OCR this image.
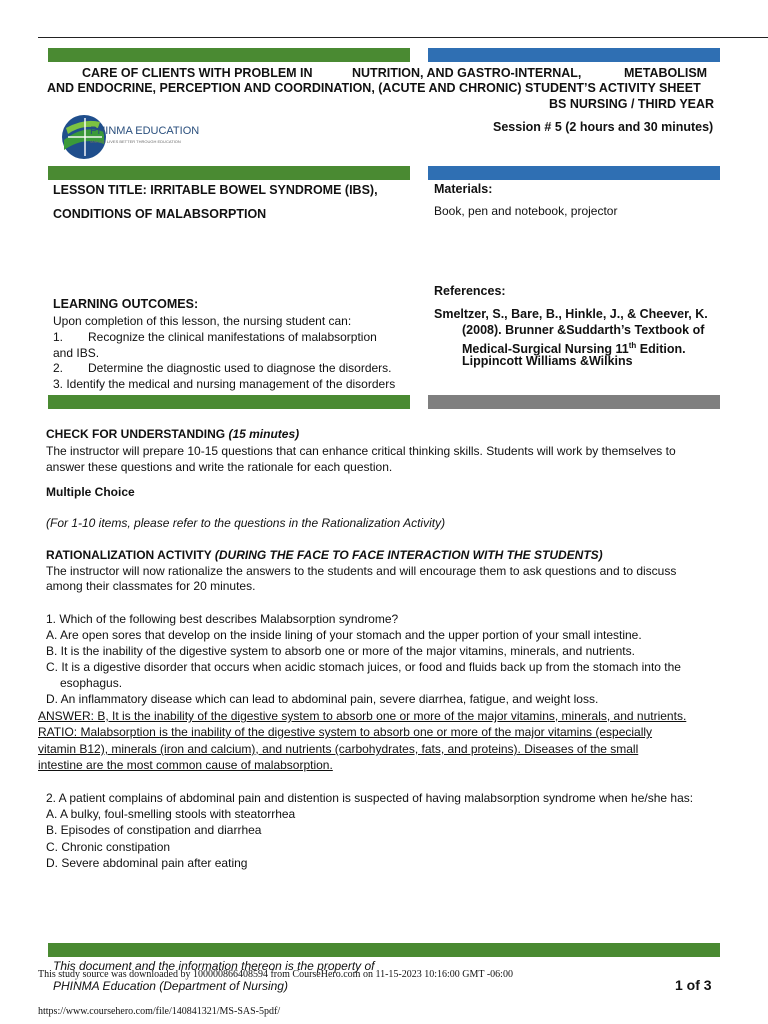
CARE OF CLIENTS WITH PROBLEM IN	NUTRITION, AND GASTRO-INTERNAL,	METABOLISM
AND ENDOCRINE, PERCEPTION AND COORDINATION, (ACUTE AND CHRONIC) STUDENT’S ACTIVITY SHEET
BS NURSING / THIRD YEAR
Session # 5 (2 hours and 30 minutes)
PHINMA EDUCATION
MAKING LIVES BETTER THROUGH EDUCATION
LESSON TITLE: IRRITABLE BOWEL SYNDROME (IBS),
CONDITIONS OF MALABSORPTION
LEARNING OUTCOMES:
Upon completion of this lesson, the nursing student can:
1. Recognize the clinical manifestations of malabsorption
and IBS.
2. Determine the diagnostic used to diagnose the disorders.
3. Identify the medical and nursing management of the disorders
Materials:
Book, pen and notebook, projector
References:
Smeltzer, S., Bare, B., Hinkle, J., & Cheever, K.
(2008). Brunner &Suddarth’s Textbook of
Medical-Surgical Nursing 11th Edition.
Lippincott Williams &Wilkins
CHECK FOR UNDERSTANDING (15 minutes)
The instructor will prepare 10-15 questions that can enhance critical thinking skills. Students will work by themselves to
answer these questions and write the rationale for each question.
Multiple Choice
(For 1-10 items, please refer to the questions in the Rationalization Activity)
RATIONALIZATION ACTIVITY (DURING THE FACE TO FACE INTERACTION WITH THE STUDENTS)
The instructor will now rationalize the answers to the students and will encourage them to ask questions and to discuss
among their classmates for 20 minutes.
1. Which of the following best describes Malabsorption syndrome?
A. Are open sores that develop on the inside lining of your stomach and the upper portion of your small intestine.
B. It is the inability of the digestive system to absorb one or more of the major vitamins, minerals, and nutrients.
C. It is a digestive disorder that occurs when acidic stomach juices, or food and fluids back up from the stomach into the
esophagus.
D. An inflammatory disease which can lead to abdominal pain, severe diarrhea, fatigue, and weight loss.
ANSWER: B, It is the inability of the digestive system to absorb one or more of the major vitamins, minerals, and nutrients.
RATIO: Malabsorption is the inability of the digestive system to absorb one or more of the major vitamins (especially
vitamin B12), minerals (iron and calcium), and nutrients (carbohydrates, fats, and proteins). Diseases of the small
intestine are the most common cause of malabsorption.
2. A patient complains of abdominal pain and distention is suspected of having malabsorption syndrome when he/she has:
A. A bulky, foul-smelling stools with steatorrhea
B. Episodes of constipation and diarrhea
C. Chronic constipation
D. Severe abdominal pain after eating
This document and the information thereon is the property of
This study source was downloaded by 100000866408594 from CourseHero.com on 11-15-2023 10:16:00 GMT -06:00
PHINMA Education (Department of Nursing)	1 of 3
https://www.coursehero.com/file/140841321/MS-SAS-5pdf/
